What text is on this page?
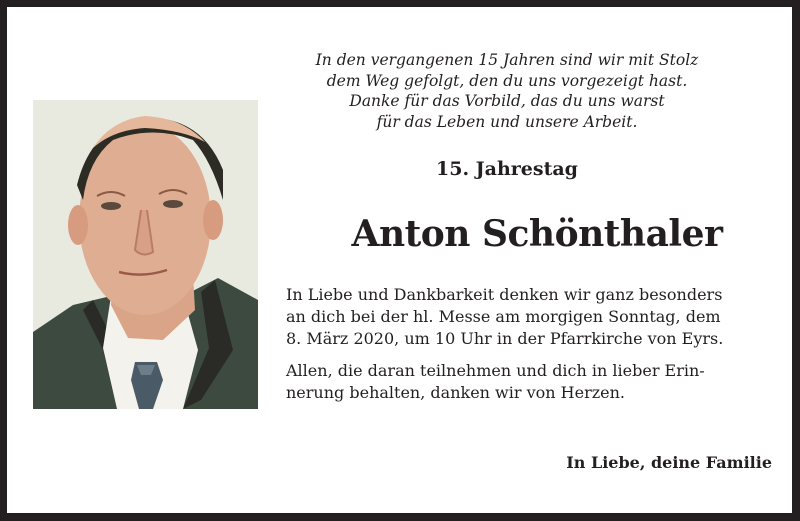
In den vergangenen 15 Jahren sind wir mit Stolz
dem Weg gefolgt, den du uns vorgezeigt hast.
Danke für das Vorbild, das du uns warst
für das Leben und unsere Arbeit.
15. Jahrestag
Anton Schönthaler
In Liebe und Dankbarkeit denken wir ganz besonders
an dich bei der hl. Messe am morgigen Sonntag, dem
8. März 2020, um 10 Uhr in der Pfarrkirche von Eyrs.
Allen, die daran teilnehmen und dich in lieber Erin-
nerung behalten, danken wir von Herzen.
In Liebe, deine Familie
